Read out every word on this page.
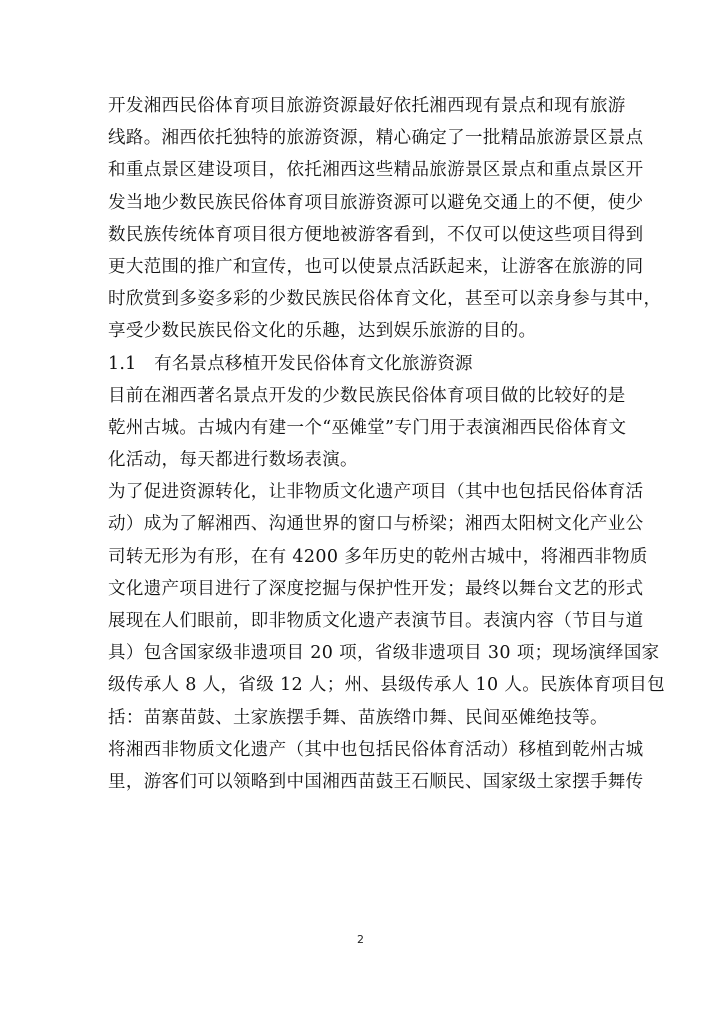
开发湘西民俗体育项目旅游资源最好依托湘西现有景点和现有旅游
线路。湘西依托独特的旅游资源，精心确定了一批精品旅游景区景点
和重点景区建设项目，依托湘西这些精品旅游景区景点和重点景区开
发当地少数民族民俗体育项目旅游资源可以避免交通上的不便，使少
数民族传统体育项目很方便地被游客看到，不仅可以使这些项目得到
更大范围的推广和宣传，也可以使景点活跃起来，让游客在旅游的同
时欣赏到多姿多彩的少数民族民俗体育文化，甚至可以亲身参与其中，
享受少数民族民俗文化的乐趣，达到娱乐旅游的目的。
1.1　有名景点移植开发民俗体育文化旅游资源
目前在湘西著名景点开发的少数民族民俗体育项目做的比较好的是
乾州古城。古城内有建一个“巫傩堂”专门用于表演湘西民俗体育文
化活动，每天都进行数场表演。
为了促进资源转化，让非物质文化遗产项目（其中也包括民俗体育活
动）成为了解湘西、沟通世界的窗口与桥梁；湘西太阳树文化产业公
司转无形为有形，在有 4200 多年历史的乾州古城中，将湘西非物质
文化遗产项目进行了深度挖掘与保护性开发；最终以舞台文艺的形式
展现在人们眼前，即非物质文化遗产表演节目。表演内容（节目与道
具）包含国家级非遗项目 20 项，省级非遗项目 30 项；现场演绎国家
级传承人 8 人，省级 12 人；州、县级传承人 10 人。民族体育项目包
括：苗寨苗鼓、土家族摆手舞、苗族绺巾舞、民间巫傩绝技等。
将湘西非物质文化遗产（其中也包括民俗体育活动）移植到乾州古城
里，游客们可以领略到中国湘西苗鼓王石顺民、国家级土家摆手舞传
2
